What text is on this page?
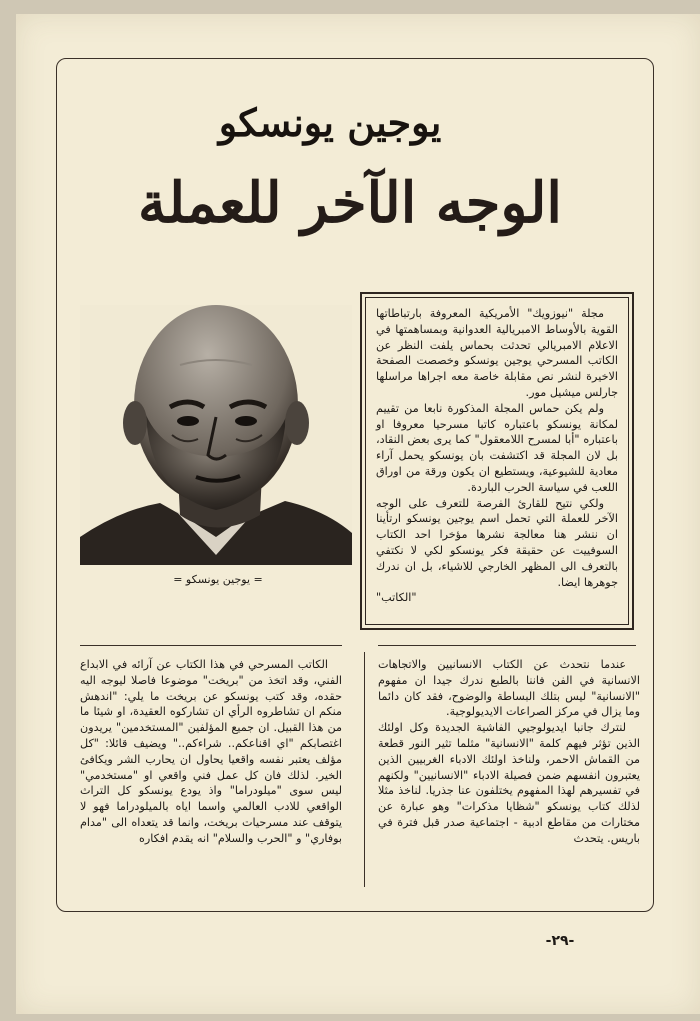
يوجين يونسكو
الوجه الآخر للعملة
= يوجين يونسكو =

مجلة "نيوزويك" الأمريكية المعروفة بارتباطاتها القوية بالأوساط الامبريالية العدوانية وبمساهمتها في الاعلام الامبريالي تحدثت بحماس يلفت النظر عن الكاتب المسرحي يوجين يونسكو وخصصت الصفحة الاخيرة لنشر نص مقابلة خاصة معه اجراها مراسلها جارلس ميشيل مور.

ولم يكن حماس المجلة المذكورة نابعا من تقييم لمكانة يونسكو باعتباره كاتبا مسرحيا معروفا او باعتباره "أبا لمسرح اللامعقول" كما يرى بعض النقاد، بل لان المجلة قد اكتشفت بان يونسكو يحمل آراء معادية للشيوعية، ويستطيع ان يكون ورقة من اوراق اللعب في سياسة الحرب الباردة.

ولكي نتيح للقارئ الفرصة للتعرف على الوجه الآخر للعملة التي تحمل اسم يوجين يونسكو ارتأينا ان ننشر هنا معالجة نشرها مؤخرا احد الكتاب السوفييت عن حقيقة فكر يونسكو لكي لا نكتفي بالتعرف الى المظهر الخارجي للاشياء، بل ان ندرك جوهرها ايضا.

"الكاتب"

عندما نتحدث عن الكتاب الانسانيين والاتجاهات الانسانية في الفن فاننا بالطبع ندرك جيدا ان مفهوم "الانسانية" ليس بتلك البساطة والوضوح، فقد كان دائما وما يزال في مركز الصراعات الايديولوجية.

لنترك جانبا ايديولوجيي الفاشية الجديدة وكل اولئك الذين تؤثر فيهم كلمة "الانسانية" مثلما تثير النور قطعة من القماش الاحمر، ولناخذ اولئك الادباء الغربيين الذين يعتبرون انفسهم ضمن فصيلة الادباء "الانسانيين" ولكنهم في تفسيرهم لهذا المفهوم يختلفون عنا جذريا. لناخذ مثلا لذلك كتاب يونسكو "شظايا مذكرات" وهو عبارة عن مختارات من مقاطع ادبية - اجتماعية صدر قبل فترة في باريس. يتحدث

الكاتب المسرحي في هذا الكتاب عن آرائه في الابداع الفني، وقد اتخذ من "بريخت" موضوعا فاصلا ليوجه اليه حقده، وقد كتب يونسكو عن بريخت ما يلي: "اندهش منكم ان تشاطروه الرأي ان تشاركوه العقيدة، او شيئا ما من هذا القبيل. ان جميع المؤلفين "المستخدمين" يريدون اغتصابكم "اي اقناعكم.. شراءكم.." ويضيف قائلا: "كل مؤلف يعتبر نفسه واقعيا يحاول ان يحارب الشر ويكافئ الخير. لذلك فان كل عمل فني واقعي او "مستخدمي" ليس سوى "ميلودراما" واذ يودع يونسكو كل التراث الواقعي للادب العالمي واسما اياه بالميلودراما فهو لا يتوقف عند مسرحيات بريخت، وانما قد يتعداه الى "مدام بوفاري" و "الحرب والسلام" انه يقدم افكاره

-٢٩-
